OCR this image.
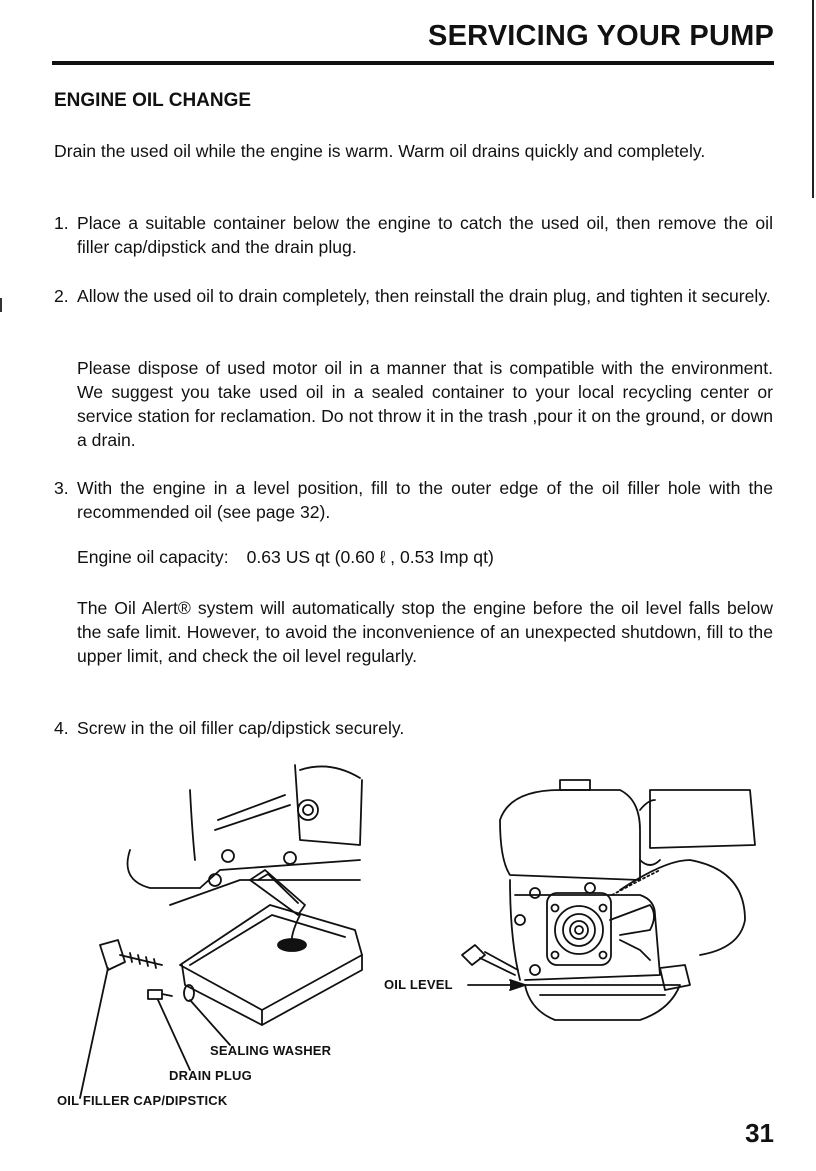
SERVICING YOUR PUMP
ENGINE OIL CHANGE
Drain the used oil while the engine is warm. Warm oil drains quickly and completely.
1. Place a suitable container below the engine to catch the used oil, then remove the oil filler cap/dipstick and the drain plug.
2. Allow the used oil to drain completely, then reinstall the drain plug, and tighten it securely.
Please dispose of used motor oil in a manner that is compatible with the environment. We suggest you take used oil in a sealed container to your local recycling center or service station for reclamation. Do not throw it in the trash ,pour it on the ground, or down a drain.
3. With the engine in a level position, fill to the outer edge of the oil filler hole with the recommended oil (see page 32).
Engine oil capacity: 0.63 US qt (0.60 ℓ , 0.53 Imp qt)
The Oil Alert® system will automatically stop the engine before the oil level falls below the safe limit. However, to avoid the inconvenience of an unexpected shutdown, fill to the upper limit, and check the oil level regularly.
4. Screw in the oil filler cap/dipstick securely.
SEALING WASHER
DRAIN PLUG
OIL FILLER CAP/DIPSTICK
OIL LEVEL
31
